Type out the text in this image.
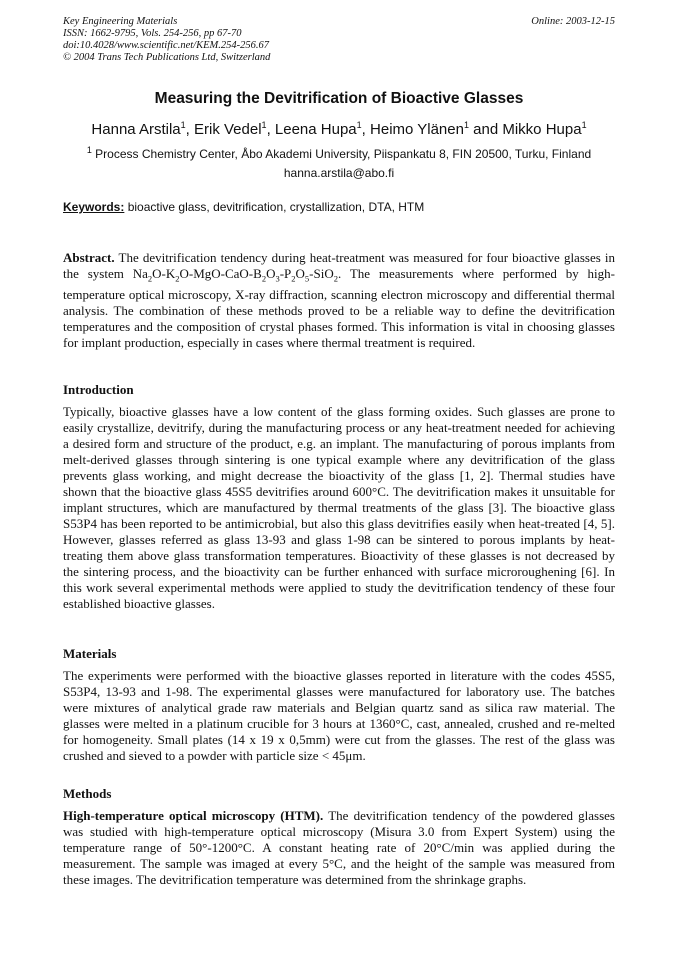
Key Engineering Materials
ISSN: 1662-9795, Vols. 254-256, pp 67-70
doi:10.4028/www.scientific.net/KEM.254-256.67
© 2004 Trans Tech Publications Ltd, Switzerland
Online: 2003-12-15
Measuring the Devitrification of Bioactive Glasses
Hanna Arstila$^1$, Erik Vedel$^1$, Leena Hupa$^1$, Heimo Ylänen$^1$ and Mikko Hupa$^1$
$^1$ Process Chemistry Center, Åbo Akademi University, Piispankatu 8, FIN 20500, Turku, Finland
hanna.arstila@abo.fi
Keywords: bioactive glass, devitrification, crystallization, DTA, HTM
Abstract. The devitrification tendency during heat-treatment was measured for four bioactive glasses in the system $Na_2O-K_2O-MgO-CaO-B_2O_3-P_2O_5-SiO_2$. The measurements where performed by high-temperature optical microscopy, X-ray diffraction, scanning electron microscopy and differential thermal analysis. The combination of these methods proved to be a reliable way to define the devitrification temperatures and the composition of crystal phases formed. This information is vital in choosing glasses for implant production, especially in cases where thermal treatment is required.
Introduction
Typically, bioactive glasses have a low content of the glass forming oxides. Such glasses are prone to easily crystallize, devitrify, during the manufacturing process or any heat-treatment needed for achieving a desired form and structure of the product, e.g. an implant. The manufacturing of porous implants from melt-derived glasses through sintering is one typical example where any devitrification of the glass prevents glass working, and might decrease the bioactivity of the glass [1, 2]. Thermal studies have shown that the bioactive glass 45S5 devitrifies around 600°C. The devitrification makes it unsuitable for implant structures, which are manufactured by thermal treatments of the glass [3]. The bioactive glass S53P4 has been reported to be antimicrobial, but also this glass devitrifies easily when heat-treated [4, 5]. However, glasses referred as glass 13-93 and glass 1-98 can be sintered to porous implants by heat-treating them above glass transformation temperatures. Bioactivity of these glasses is not decreased by the sintering process, and the bioactivity can be further enhanced with surface microroughening [6]. In this work several experimental methods were applied to study the devitrification tendency of these four established bioactive glasses.
Materials
The experiments were performed with the bioactive glasses reported in literature with the codes 45S5, S53P4, 13-93 and 1-98. The experimental glasses were manufactured for laboratory use. The batches were mixtures of analytical grade raw materials and Belgian quartz sand as silica raw material. The glasses were melted in a platinum crucible for 3 hours at 1360°C, cast, annealed, crushed and re-melted for homogeneity. Small plates (14 x 19 x 0,5mm) were cut from the glasses. The rest of the glass was crushed and sieved to a powder with particle size < 45μm.
Methods
High-temperature optical microscopy (HTM). The devitrification tendency of the powdered glasses was studied with high-temperature optical microscopy (Misura 3.0 from Expert System) using the temperature range of 50°-1200°C. A constant heating rate of 20°C/min was applied during the measurement. The sample was imaged at every 5°C, and the height of the sample was measured from these images. The devitrification temperature was determined from the shrinkage graphs.
